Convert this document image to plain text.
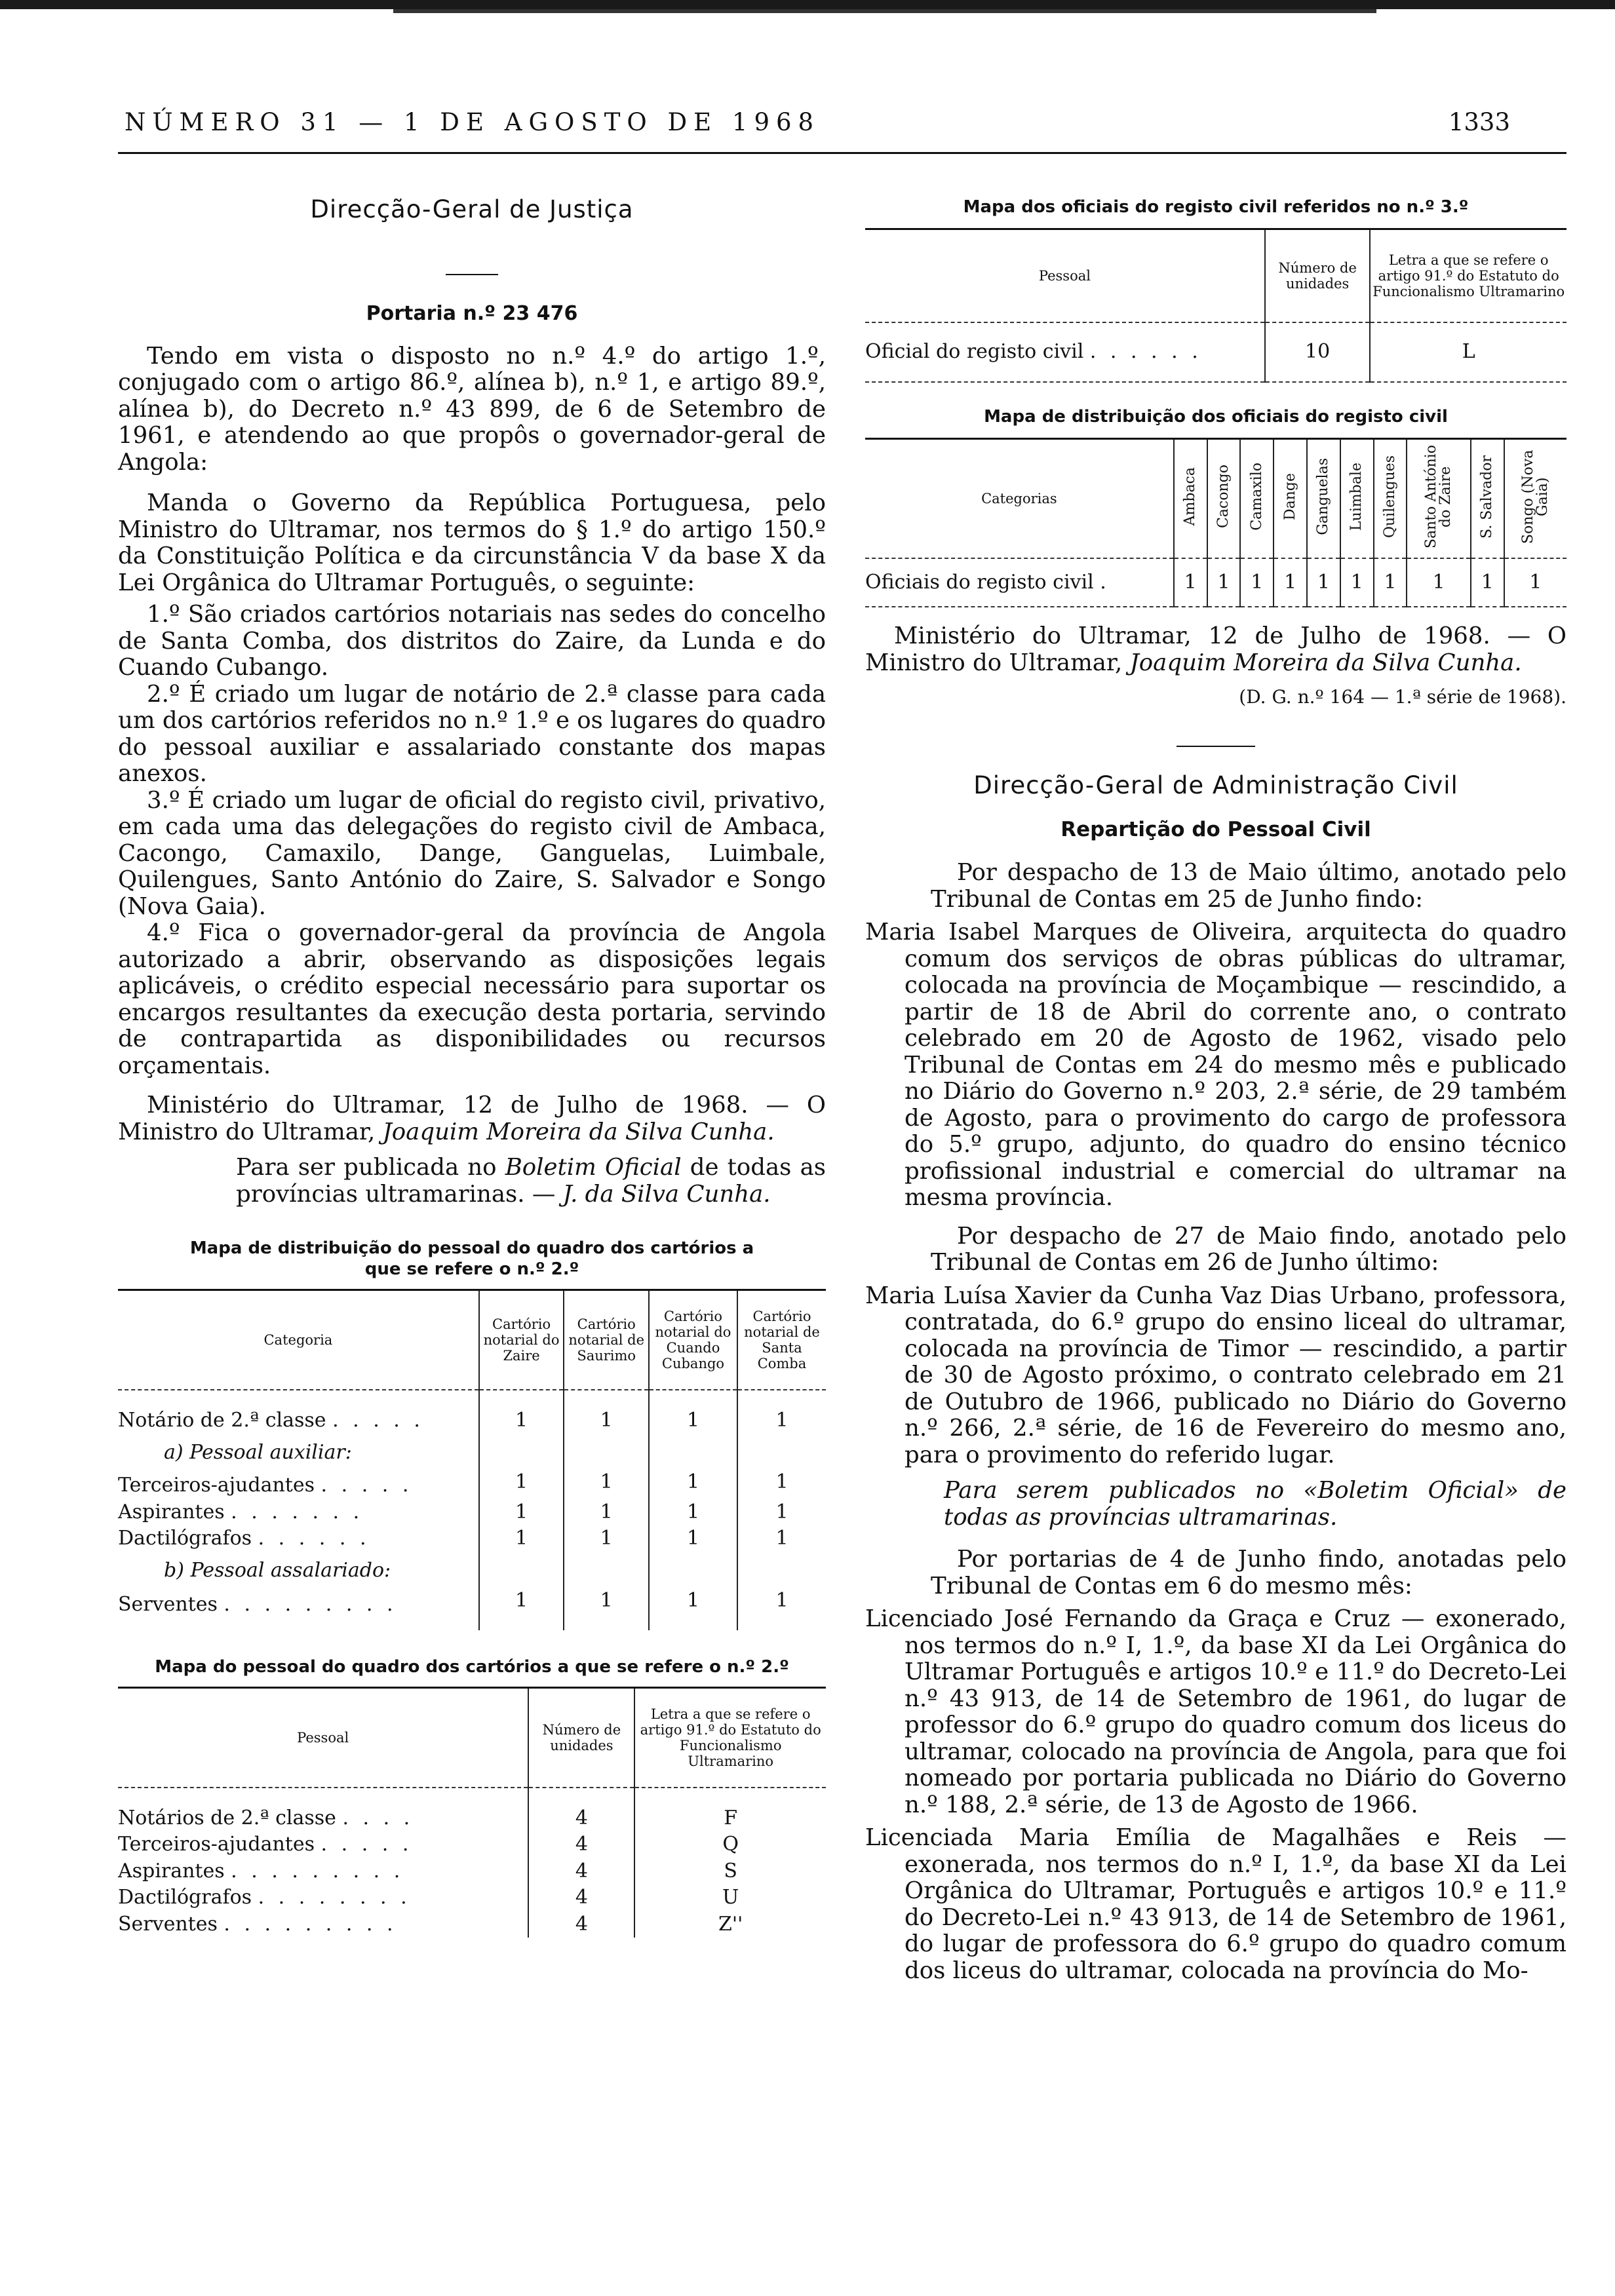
NÚMERO 31 — 1 DE AGOSTO DE 1968	1333
Direcção-Geral de Justiça
Portaria n.º 23 476

Tendo em vista o disposto no n.º 4.º do artigo 1.º, conjugado com o artigo 86.º, alínea b), n.º 1, e artigo 89.º, alínea b), do Decreto n.º 43 899, de 6 de Setembro de 1961, e atendendo ao que propôs o governador-geral de Angola:

Manda o Governo da República Portuguesa, pelo Ministro do Ultramar, nos termos do § 1.º do artigo 150.º da Constituição Política e da circunstância V da base X da Lei Orgânica do Ultramar Português, o seguinte:

1.º São criados cartórios notariais nas sedes do concelho de Santa Comba, dos distritos do Zaire, da Lunda e do Cuando Cubango.

2.º É criado um lugar de notário de 2.ª classe para cada um dos cartórios referidos no n.º 1.º e os lugares do quadro do pessoal auxiliar e assalariado constante dos mapas anexos.

3.º É criado um lugar de oficial do registo civil, privativo, em cada uma das delegações do registo civil de Ambaca, Cacongo, Camaxilo, Dange, Ganguelas, Luimbale, Quilengues, Santo António do Zaire, S. Salvador e Songo (Nova Gaia).

4.º Fica o governador-geral da província de Angola autorizado a abrir, observando as disposições legais aplicáveis, o crédito especial necessário para suportar os encargos resultantes da execução desta portaria, servindo de contrapartida as disponibilidades ou recursos orçamentais.

Ministério do Ultramar, 12 de Julho de 1968. — O Ministro do Ultramar, Joaquim Moreira da Silva Cunha.

Para ser publicada no Boletim Oficial de todas as províncias ultramarinas. — J. da Silva Cunha.

Mapa de distribuição do pessoal do quadro dos cartórios a que se refere o n.º 2.º
Categoria	Cartório notarial do Zaire	Cartório notarial de Saurimo	Cartório notarial do Cuando Cubango	Cartório notarial de Santa Comba

Notário de 2.ª classe . . . . .	1	1	1	1
a) Pessoal auxiliar:				
Terceiros-ajudantes . . . . .	1	1	1	1
Aspirantes . . . . . . .	1	1	1	1
Dactilógrafos . . . . . .	1	1	1	1
b) Pessoal assalariado:				
Serventes . . . . . . . . .	1	1	1	1

Mapa do pessoal do quadro dos cartórios a que se refere o n.º 2.º
Pessoal	Número de unidades	Letra a que se refere o artigo 91.º do Estatuto do Funcionalismo Ultramarino

Notários de 2.ª classe . . . .	4	F
Terceiros-ajudantes . . . . .	4	Q
Aspirantes . . . . . . . . .	4	S
Dactilógrafos . . . . . . . .	4	U
Serventes . . . . . . . . .	4	Z''
Mapa dos oficiais do registo civil referidos no n.º 3.º
Pessoal	Número de unidades	Letra a que se refere o artigo 91.º do Estatuto do Funcionalismo Ultramarino

Oficial do registo civil . . . . . .	10	L

Mapa de distribuição dos oficiais do registo civil
Categorias	Ambaca	Cacongo	Camaxilo	Dange	Ganguelas	Luimbale	Quilengues	Santo António do Zaire	S. Salvador	Songo (Nova Gaia)

Oficiais do registo civil .	1	1	1	1	1	1	1	1	1	1

Ministério do Ultramar, 12 de Julho de 1968. — O Ministro do Ultramar, Joaquim Moreira da Silva Cunha.

(D. G. n.º 164 — 1.ª série de 1968).

Direcção-Geral de Administração Civil
Repartição do Pessoal Civil

Por despacho de 13 de Maio último, anotado pelo Tribunal de Contas em 25 de Junho findo:

Maria Isabel Marques de Oliveira, arquitecta do quadro comum dos serviços de obras públicas do ultramar, colocada na província de Moçambique — rescindido, a partir de 18 de Abril do corrente ano, o contrato celebrado em 20 de Agosto de 1962, visado pelo Tribunal de Contas em 24 do mesmo mês e publicado no Diário do Governo n.º 203, 2.ª série, de 29 também de Agosto, para o provimento do cargo de professora do 5.º grupo, adjunto, do quadro do ensino técnico profissional industrial e comercial do ultramar na mesma província.

Por despacho de 27 de Maio findo, anotado pelo Tribunal de Contas em 26 de Junho último:

Maria Luísa Xavier da Cunha Vaz Dias Urbano, professora, contratada, do 6.º grupo do ensino liceal do ultramar, colocada na província de Timor — rescindido, a partir de 30 de Agosto próximo, o contrato celebrado em 21 de Outubro de 1966, publicado no Diário do Governo n.º 266, 2.ª série, de 16 de Fevereiro do mesmo ano, para o provimento do referido lugar.

Para serem publicados no «Boletim Oficial» de todas as províncias ultramarinas.

Por portarias de 4 de Junho findo, anotadas pelo Tribunal de Contas em 6 do mesmo mês:

Licenciado José Fernando da Graça e Cruz — exonerado, nos termos do n.º I, 1.º, da base XI da Lei Orgânica do Ultramar Português e artigos 10.º e 11.º do Decreto-Lei n.º 43 913, de 14 de Setembro de 1961, do lugar de professor do 6.º grupo do quadro comum dos liceus do ultramar, colocado na província de Angola, para que foi nomeado por portaria publicada no Diário do Governo n.º 188, 2.ª série, de 13 de Agosto de 1966.

Licenciada Maria Emília de Magalhães e Reis — exonerada, nos termos do n.º I, 1.º, da base XI da Lei Orgânica do Ultramar, Português e artigos 10.º e 11.º do Decreto-Lei n.º 43 913, de 14 de Setembro de 1961, do lugar de professora do 6.º grupo do quadro comum dos liceus do ultramar, colocada na província do Mo-
